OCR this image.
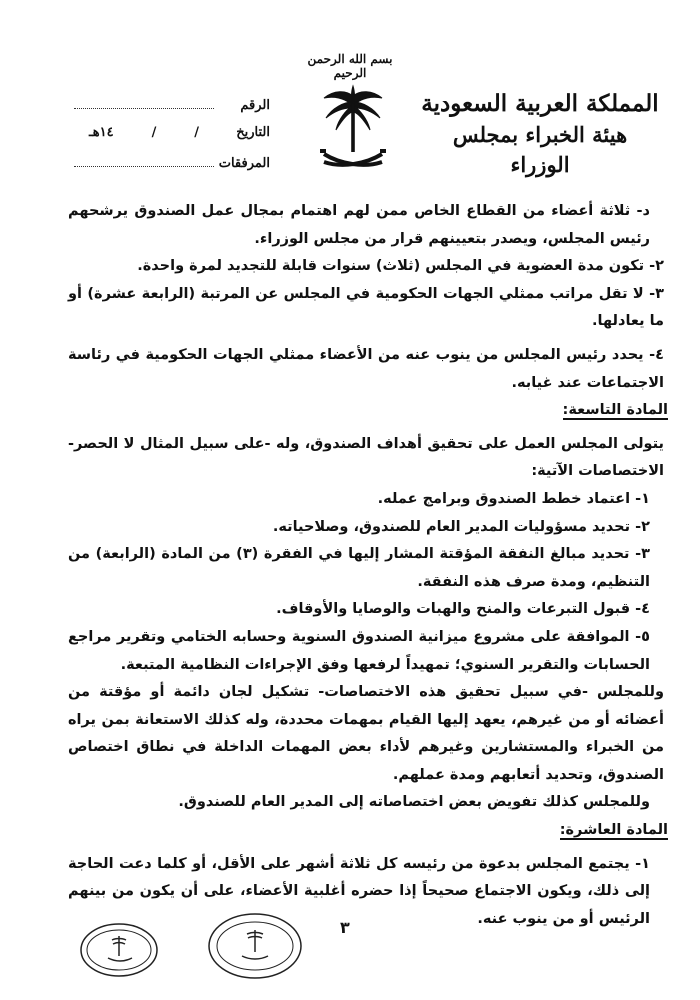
بسم الله الرحمن الرحيم
المملكة العربية السعودية
هيئة الخبراء بمجلس الوزراء
الرقم
التاريخ
/
/
١٤هـ
المرفقات

د- ثلاثة أعضاء من القطاع الخاص ممن لهم اهتمام بمجال عمل الصندوق يرشحهم رئيس المجلس، ويصدر بتعيينهم قرار من مجلس الوزراء.

٢- تكون مدة العضوية في المجلس (ثلاث) سنوات قابلة للتجديد لمرة واحدة.

٣- لا تقل مراتب ممثلي الجهات الحكومية في المجلس عن المرتبة (الرابعة عشرة) أو ما يعادلها.

٤- يحدد رئيس المجلس من ينوب عنه من الأعضاء ممثلي الجهات الحكومية في رئاسة الاجتماعات عند غيابه.

المادة التاسعة:

يتولى المجلس العمل على تحقيق أهداف الصندوق، وله -على سبيل المثال لا الحصر- الاختصاصات الآتية:

١- اعتماد خطط الصندوق وبرامج عمله.

٢- تحديد مسؤوليات المدير العام للصندوق، وصلاحياته.

٣- تحديد مبالغ النفقة المؤقتة المشار إليها في الفقرة (٣) من المادة (الرابعة) من التنظيم، ومدة صرف هذه النفقة.

٤- قبول التبرعات والمنح والهبات والوصايا والأوقاف.

٥- الموافقة على مشروع ميزانية الصندوق السنوية وحسابه الختامي وتقرير مراجع الحسابات والتقرير السنوي؛ تمهيداً لرفعها وفق الإجراءات النظامية المتبعة.

وللمجلس -في سبيل تحقيق هذه الاختصاصات- تشكيل لجان دائمة أو مؤقتة من أعضائه أو من غيرهم، يعهد إليها القيام بمهمات محددة، وله كذلك الاستعانة بمن يراه من الخبراء والمستشارين وغيرهم لأداء بعض المهمات الداخلة في نطاق اختصاص الصندوق، وتحديد أتعابهم ومدة عملهم.

وللمجلس كذلك تفويض بعض اختصاصاته إلى المدير العام للصندوق.

المادة العاشرة:

١- يجتمع المجلس بدعوة من رئيسه كل ثلاثة أشهر على الأقل، أو كلما دعت الحاجة إلى ذلك، ويكون الاجتماع صحيحاً إذا حضره أغلبية الأعضاء، على أن يكون من بينهم الرئيس أو من ينوب عنه.

٣
